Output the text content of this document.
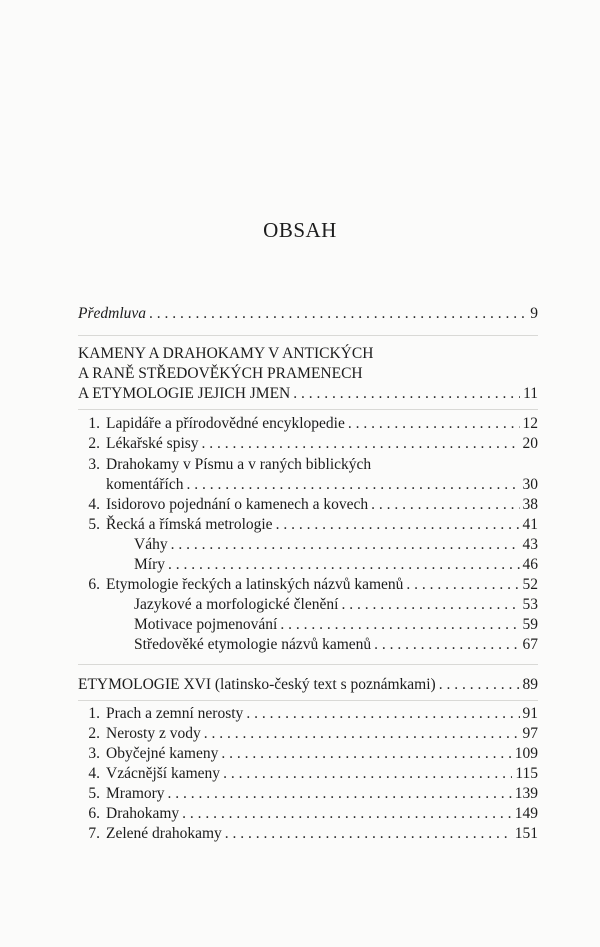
OBSAH
Předmluva . . .	9
KAMENY A DRAHOKAMY V ANTICKÝCH
A RANĚ STŘEDOVĚKÝCH PRAMENECH
A ETYMOLOGIE JEJICH JMEN . . .	11
1. Lapidáře a přírodovědné encyklopedie . . .	12
2. Lékařské spisy . . .	20
3. Drahokamy v Písmu a v raných biblických
komentářích . . .	30
4. Isidorovo pojednání o kamenech a kovech . . .	38
5. Řecká a římská metrologie . . .	41
Váhy . . .	43
Míry . . .	46
6. Etymologie řeckých a latinských názvů kamenů . . .	52
Jazykové a morfologické členění . . .	53
Motivace pojmenování . . .	59
Středověké etymologie názvů kamenů . . .	67
ETYMOLOGIE XVI (latinsko-český text s poznámkami) . . .	89
1. Prach a zemní nerosty . . .	91
2. Nerosty z vody . . .	97
3. Obyčejné kameny . . .	109
4. Vzácnější kameny . . .	115
5. Mramory . . .	139
6. Drahokamy . . .	149
7. Zelené drahokamy . . .	151
